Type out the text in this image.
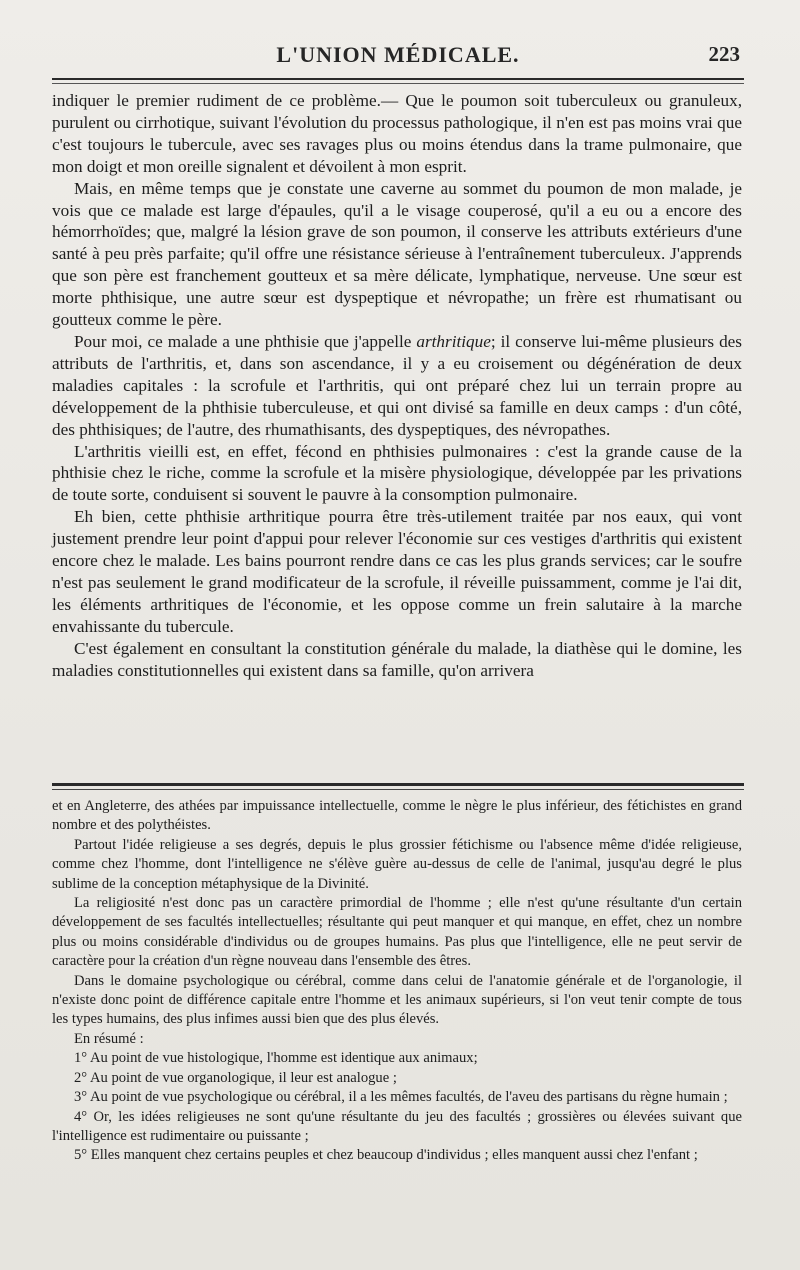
L'UNION MÉDICALE.	223

indiquer le premier rudiment de ce problème.— Que le poumon soit tuberculeux ou granuleux, purulent ou cirrhotique, suivant l'évolution du processus pathologique, il n'en est pas moins vrai que c'est toujours le tubercule, avec ses ravages plus ou moins étendus dans la trame pulmonaire, que mon doigt et mon oreille signalent et dévoilent à mon esprit.

Mais, en même temps que je constate une caverne au sommet du poumon de mon malade, je vois que ce malade est large d'épaules, qu'il a le visage couperosé, qu'il a eu ou a encore des hémorrhoïdes; que, malgré la lésion grave de son poumon, il conserve les attributs extérieurs d'une santé à peu près parfaite; qu'il offre une résistance sérieuse à l'entraînement tuberculeux. J'apprends que son père est franchement goutteux et sa mère délicate, lymphatique, nerveuse. Une sœur est morte phthisique, une autre sœur est dyspeptique et névropathe; un frère est rhumatisant ou goutteux comme le père.

Pour moi, ce malade a une phthisie que j'appelle arthritique; il conserve lui-même plusieurs des attributs de l'arthritis, et, dans son ascendance, il y a eu croisement ou dégénération de deux maladies capitales : la scrofule et l'arthritis, qui ont préparé chez lui un terrain propre au développement de la phthisie tuberculeuse, et qui ont divisé sa famille en deux camps : d'un côté, des phthisiques; de l'autre, des rhumathisants, des dyspeptiques, des névropathes.

L'arthritis vieilli est, en effet, fécond en phthisies pulmonaires : c'est la grande cause de la phthisie chez le riche, comme la scrofule et la misère physiologique, développée par les privations de toute sorte, conduisent si souvent le pauvre à la consomption pulmonaire.

Eh bien, cette phthisie arthritique pourra être très-utilement traitée par nos eaux, qui vont justement prendre leur point d'appui pour relever l'économie sur ces vestiges d'arthritis qui existent encore chez le malade. Les bains pourront rendre dans ce cas les plus grands services; car le soufre n'est pas seulement le grand modificateur de la scrofule, il réveille puissamment, comme je l'ai dit, les éléments arthritiques de l'économie, et les oppose comme un frein salutaire à la marche envahissante du tubercule.

C'est également en consultant la constitution générale du malade, la diathèse qui le domine, les maladies constitutionnelles qui existent dans sa famille, qu'on arrivera

et en Angleterre, des athées par impuissance intellectuelle, comme le nègre le plus inférieur, des fétichistes en grand nombre et des polythéistes.

Partout l'idée religieuse a ses degrés, depuis le plus grossier fétichisme ou l'absence même d'idée religieuse, comme chez l'homme, dont l'intelligence ne s'élève guère au-dessus de celle de l'animal, jusqu'au degré le plus sublime de la conception métaphysique de la Divinité.

La religiosité n'est donc pas un caractère primordial de l'homme ; elle n'est qu'une résultante d'un certain développement de ses facultés intellectuelles; résultante qui peut manquer et qui manque, en effet, chez un nombre plus ou moins considérable d'individus ou de groupes humains. Pas plus que l'intelligence, elle ne peut servir de caractère pour la création d'un règne nouveau dans l'ensemble des êtres.

Dans le domaine psychologique ou cérébral, comme dans celui de l'anatomie générale et de l'organologie, il n'existe donc point de différence capitale entre l'homme et les animaux supérieurs, si l'on veut tenir compte de tous les types humains, des plus infimes aussi bien que des plus élevés.

En résumé :

1° Au point de vue histologique, l'homme est identique aux animaux;

2° Au point de vue organologique, il leur est analogue ;

3° Au point de vue psychologique ou cérébral, il a les mêmes facultés, de l'aveu des partisans du règne humain ;

4° Or, les idées religieuses ne sont qu'une résultante du jeu des facultés ; grossières ou élevées suivant que l'intelligence est rudimentaire ou puissante ;

5° Elles manquent chez certains peuples et chez beaucoup d'individus ; elles manquent aussi chez l'enfant ;
